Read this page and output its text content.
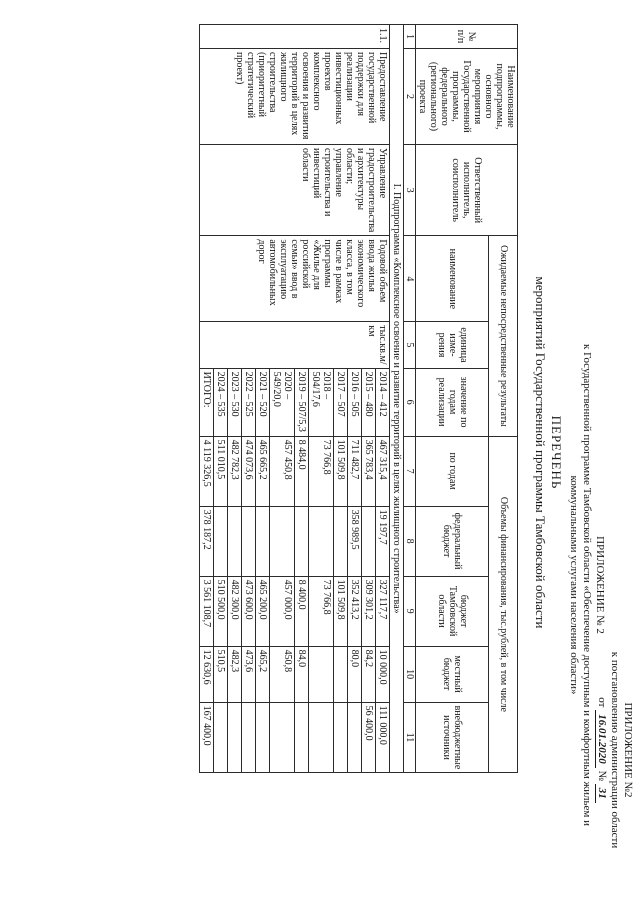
ПРИЛОЖЕНИЕ №2
к постановлению администрации области
от 16.01.2020 № 31
ПРИЛОЖЕНИЕ № 2
к Государственной программе Тамбовской области «Обеспечение доступным и комфортным жильем и коммунальными услугами населения области»
ПЕРЕЧЕНЬ
мероприятий Государственной программы Тамбовской области
№ п/п	Наименование подпрограммы, основного мероприятия Государственной программы, федерального (регионального) проекта	Ответственный исполнитель, соисполнитель	Ожидаемые непосредственные результаты			Объемы финансирования, тыс.рублей, в том числе				
			наименование	единица изме-рения	значение по годам реализации	по годам	федеральный бюджет	бюджет Тамбовской области	местный бюджет	внебюджетные источники
1	2	3	4	5	6	7	8	9	10	11
I. Подпрограмма «Комплексное освоение и развитие территорий в целях жилищного строительства»										
1.1.	Предоставление государственной поддержки для реализации инвестиционных проектов комплексного освоения и развития территорий в целях жилищного строительства (приоритетный стратегический проект)	Управление градостроительства и архитектуры области; управление строительства и инвестиций области	Годовой объем ввода жилья экономического класса, в том числе в рамках программы «Жилье для российской семьи» ввод в эксплуатацию автомобильных дорог	тыс.кв.м/ км	2014 – 412	467 315,4	19 197,7	327 117,7	10 000,0	111 000,0
					2015 – 480	365 783,4		309 301,2	84,2	56 400,0
					2016 – 505	711 482,7	358 989,5	352 413,2	80,0	
					2017 – 507	101 509,8		101 509,8		
					2018 – 504/17,6	73 766,8		73 766,8		
					2019 – 507/5,3	8 484,0		8 400,0	84,0	
					2020 – 549/20,0	457 450,8		457 000,0	450,8	
					2021 – 520	465 665,2		465 200,0	465,2	
					2022 – 525	474 073,6		473 600,0	473,6	
					2023 – 530	482 782,3		482 300,0	482,3	
					2024 – 535	511 010,5		510 500,0	510,5	
					ИТОГО:	4 119 326,5	378 187,2	3 561 108,7	12 630,6	167 400,0
